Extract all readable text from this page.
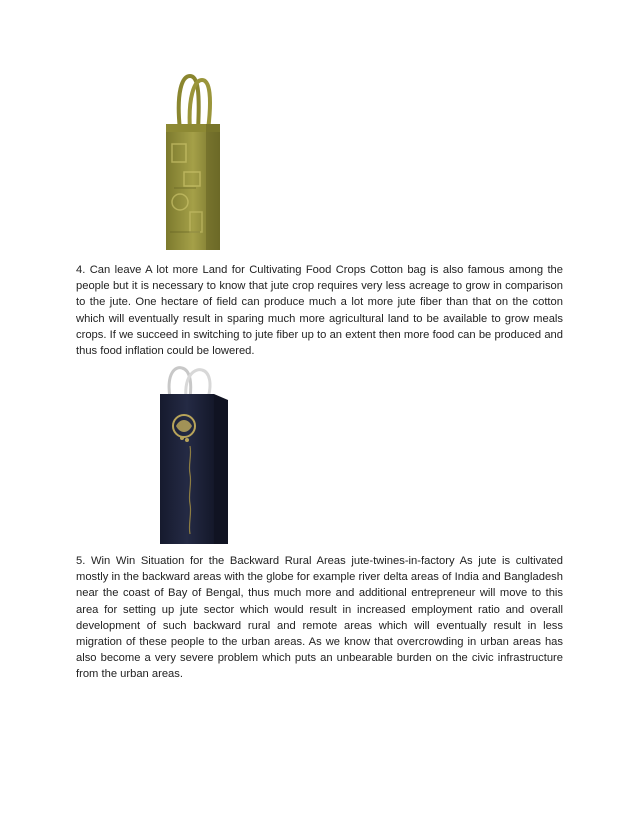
4. Can leave A lot more Land for Cultivating Food Crops Cotton bag is also famous among the people but it is necessary to know that jute crop requires very less acreage to grow in comparison to the jute. One hectare of field can produce much a lot more jute fiber than that on the cotton which will eventually result in sparing much more agricultural land to be available to grow meals crops. If we succeed in switching to jute fiber up to an extent then more food can be produced and thus food inflation could be lowered.

5. Win Win Situation for the Backward Rural Areas jute-twines-in-factory As jute is cultivated mostly in the backward areas with the globe for example river delta areas of India and Bangladesh near the coast of Bay of Bengal, thus much more and additional entrepreneur will move to this area for setting up jute sector which would result in increased employment ratio and overall development of such backward rural and remote areas which will eventually result in less migration of these people to the urban areas. As we know that overcrowding in urban areas has also become a very severe problem which puts an unbearable burden on the civic infrastructure from the urban areas.
